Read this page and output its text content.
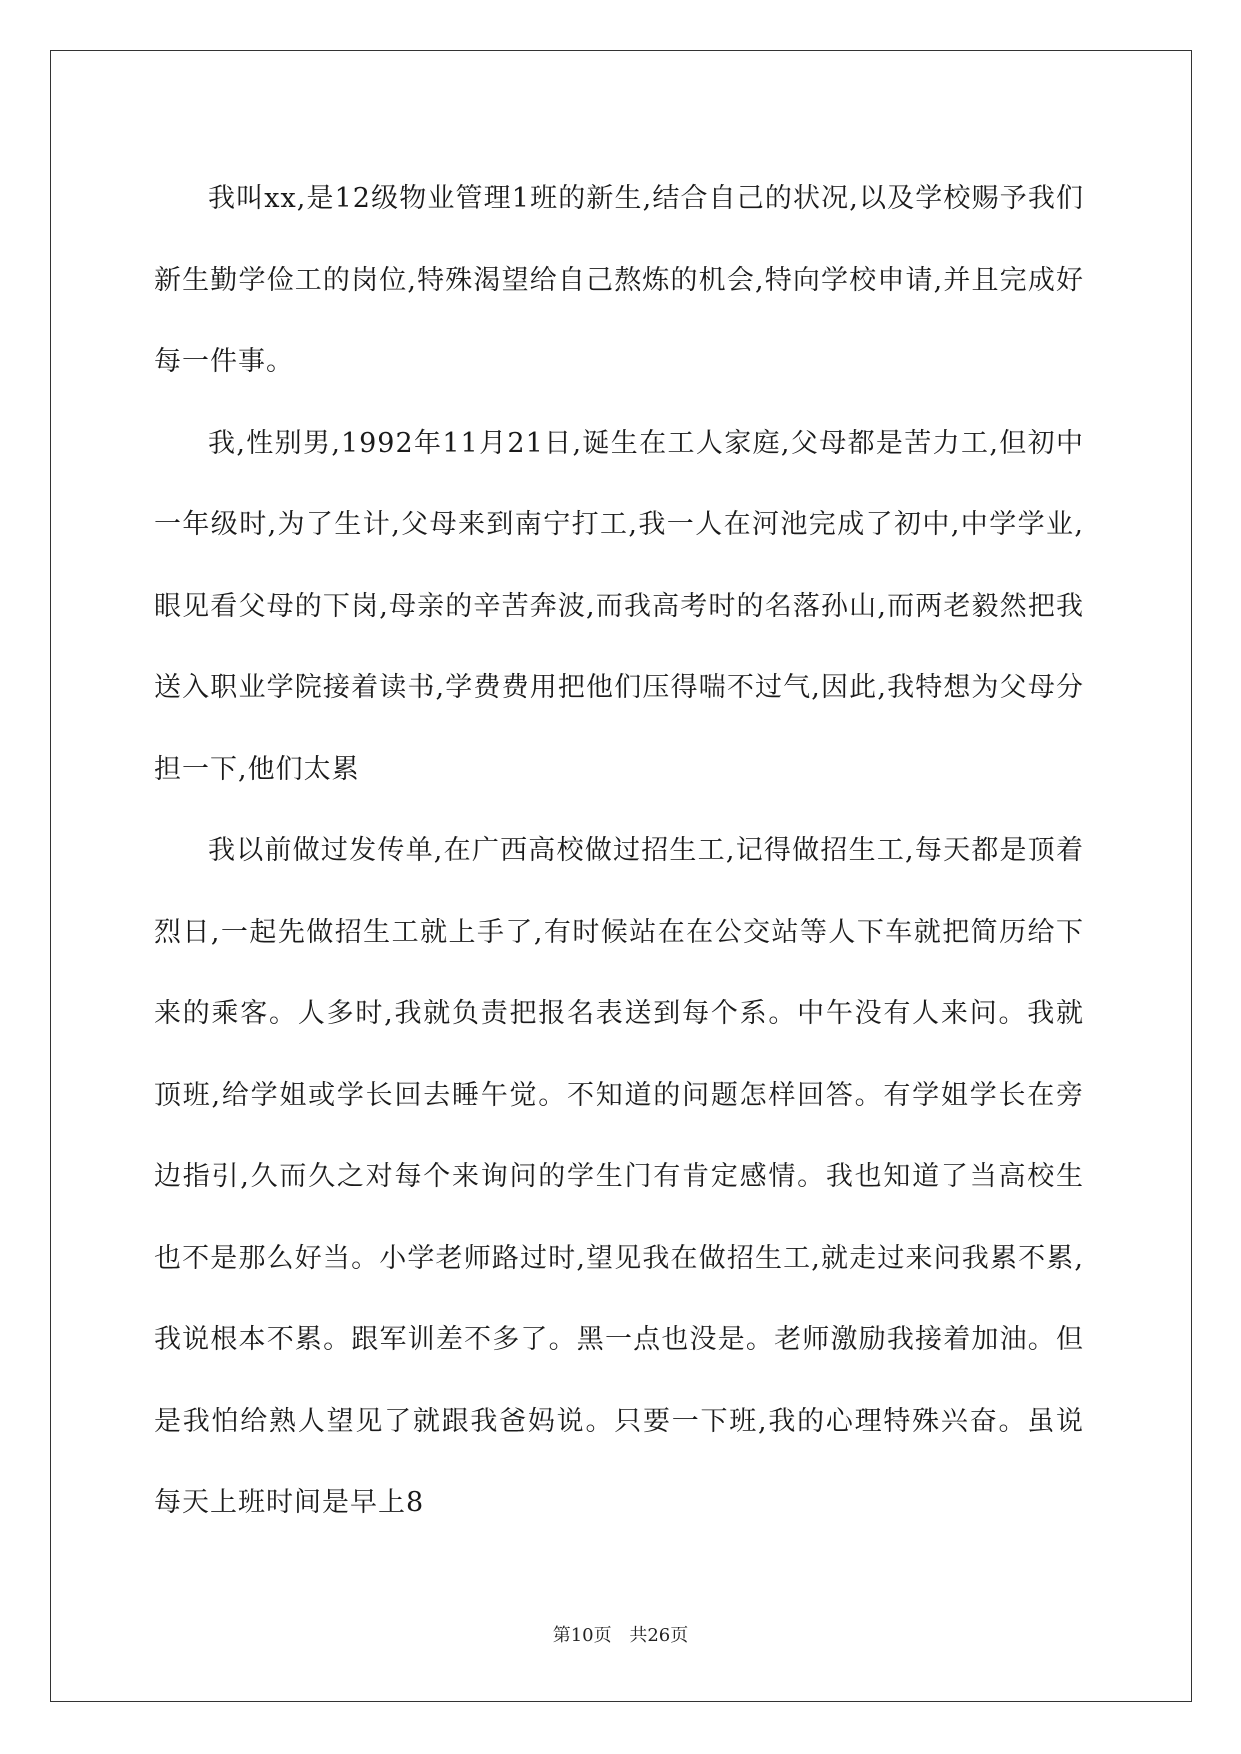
我叫xx,是12级物业管理1班的新生,结合自己的状况,以及学校赐予我们新生勤学俭工的岗位,特殊渴望给自己熬炼的机会,特向学校申请,并且完成好每一件事。

我,性别男,1992年11月21日,诞生在工人家庭,父母都是苦力工,但初中一年级时,为了生计,父母来到南宁打工,我一人在河池完成了初中,中学学业,眼见看父母的下岗,母亲的辛苦奔波,而我高考时的名落孙山,而两老毅然把我送入职业学院接着读书,学费费用把他们压得喘不过气,因此,我特想为父母分担一下,他们太累

我以前做过发传单,在广西高校做过招生工,记得做招生工,每天都是顶着烈日,一起先做招生工就上手了,有时候站在在公交站等人下车就把简历给下来的乘客。人多时,我就负责把报名表送到每个系。中午没有人来问。我就顶班,给学姐或学长回去睡午觉。不知道的问题怎样回答。有学姐学长在旁边指引,久而久之对每个来询问的学生门有肯定感情。我也知道了当高校生也不是那么好当。小学老师路过时,望见我在做招生工,就走过来问我累不累,我说根本不累。跟军训差不多了。黑一点也没是。老师激励我接着加油。但是我怕给熟人望见了就跟我爸妈说。只要一下班,我的心理特殊兴奋。虽说每天上班时间是早上8

第10页 共26页
